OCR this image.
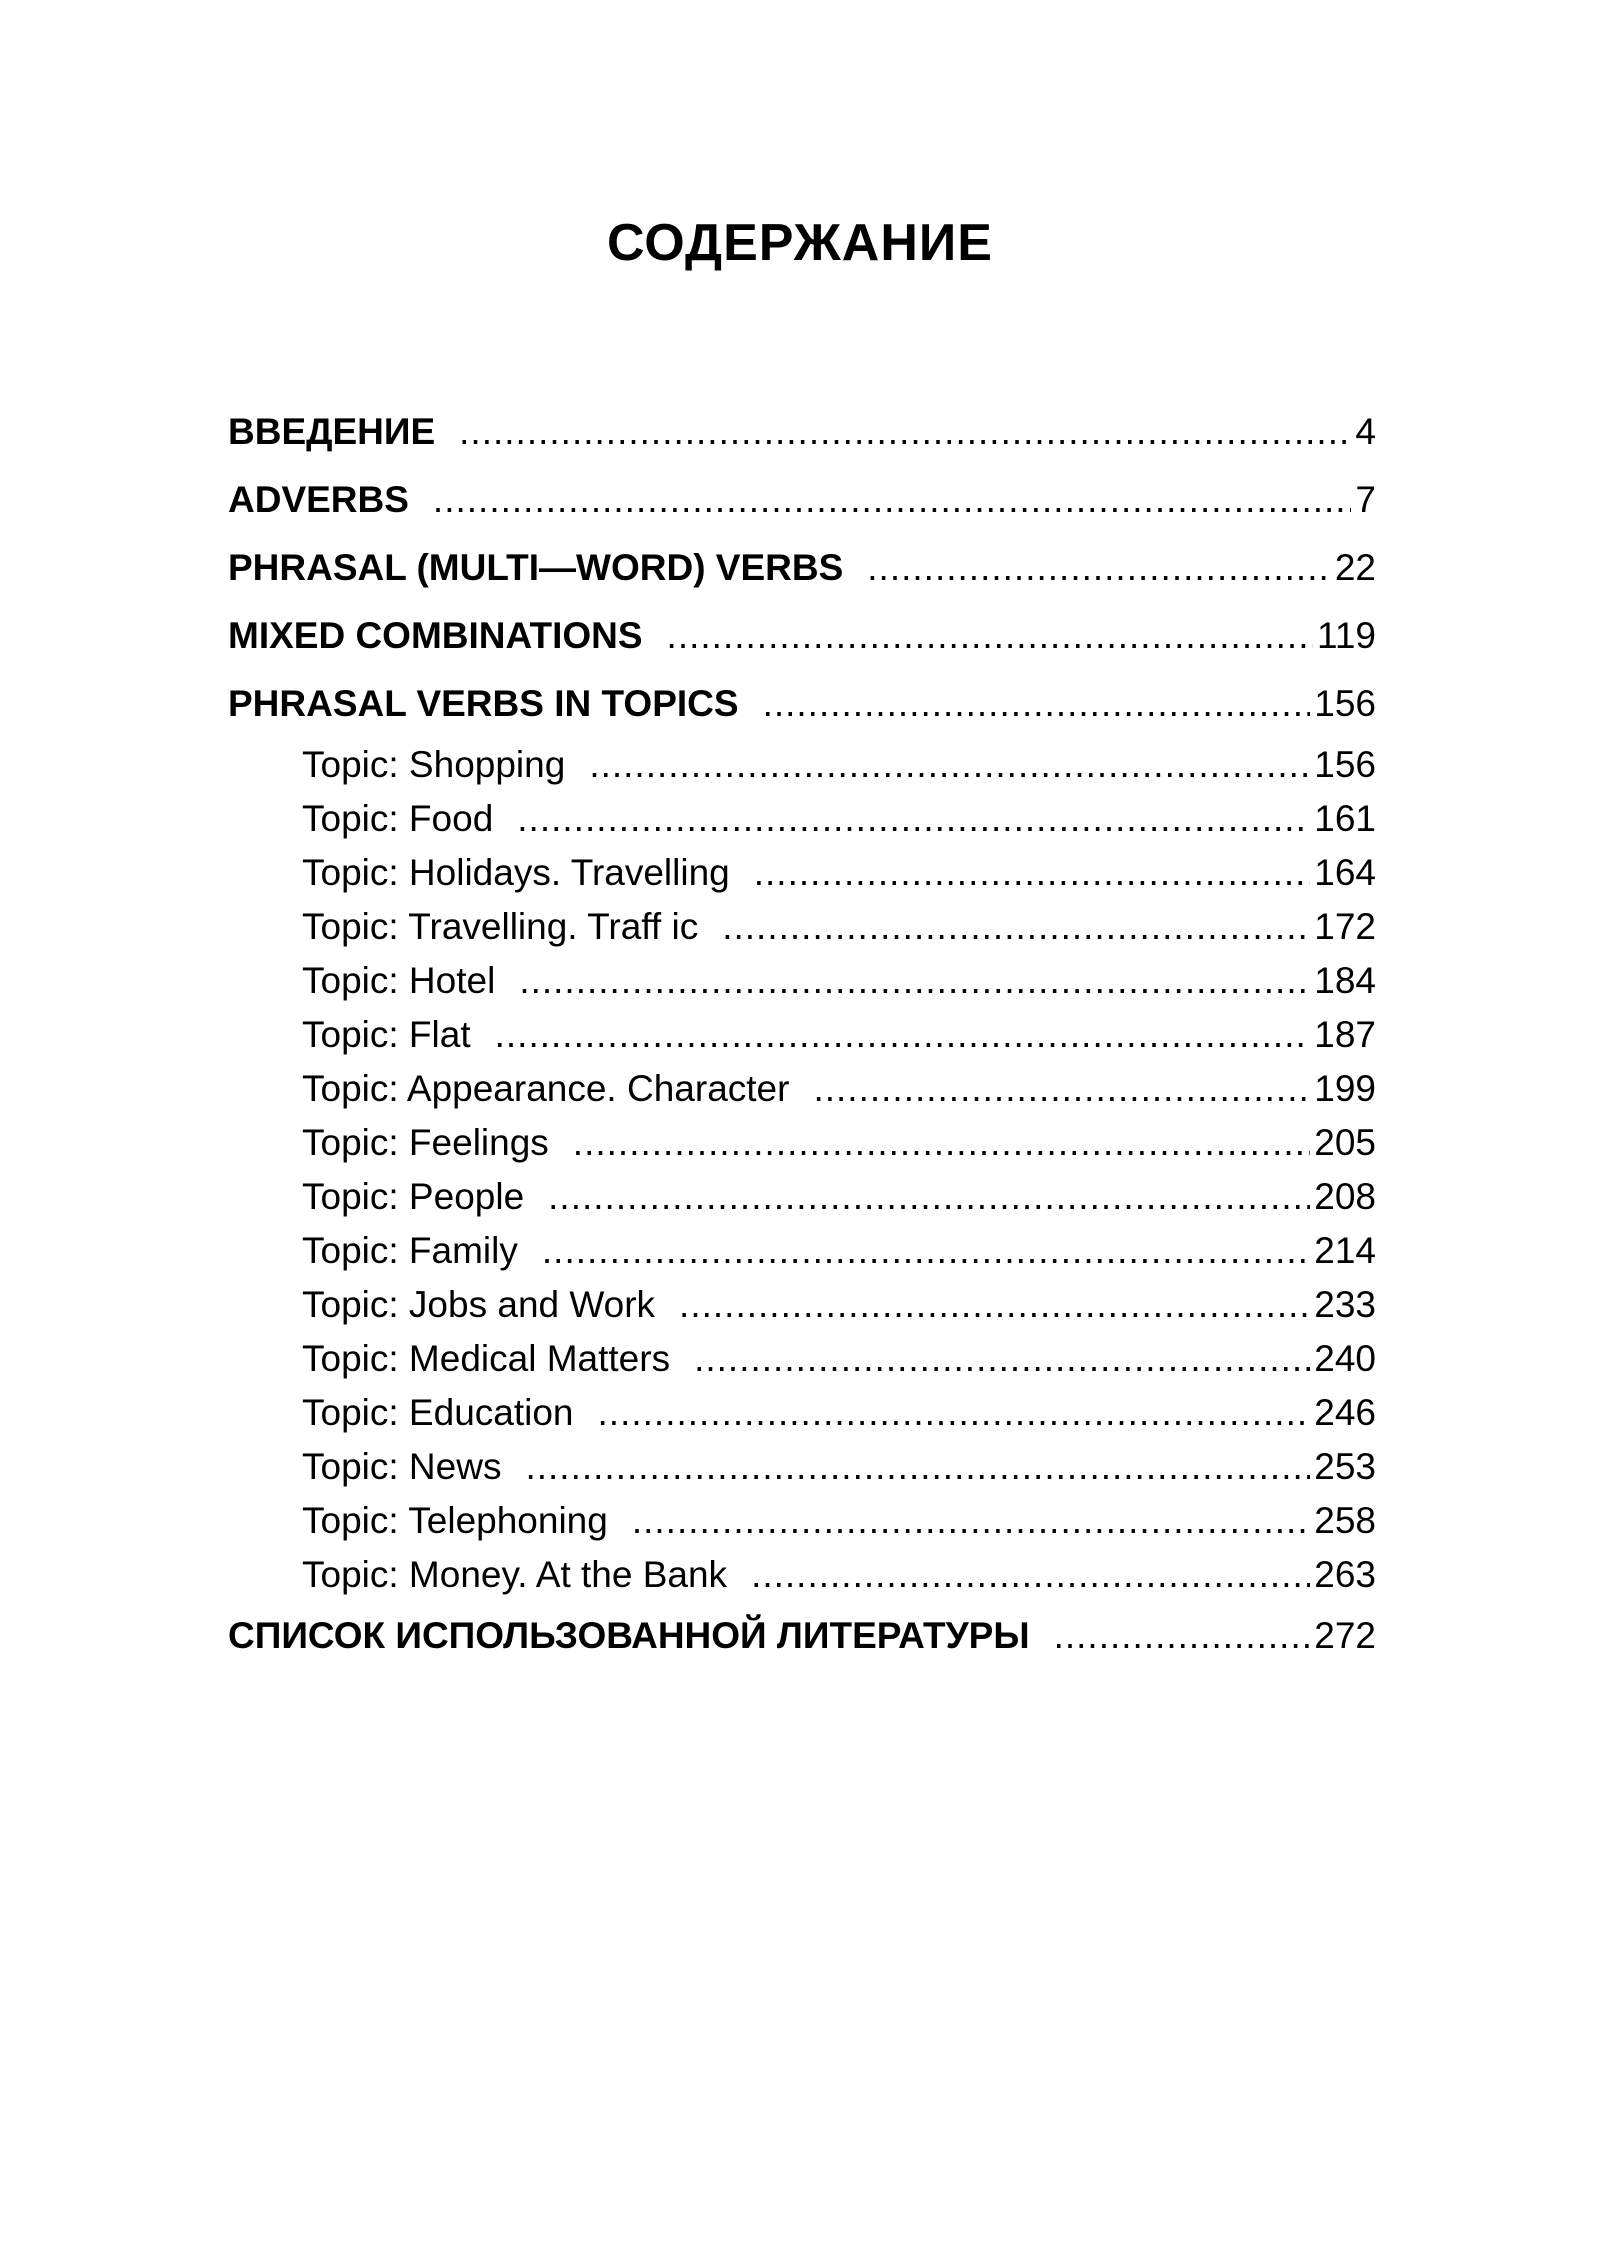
СОДЕРЖАНИЕ
ВВЕДЕНИЕ .....	4
ADVERBS .....	7
PHRASAL (MULTI—WORD) VERBS .....	22
MIXED COMBINATIONS .....	119
PHRASAL VERBS IN TOPICS .....	156
Topic: Shopping .....	156
Topic: Food .....	161
Topic: Holidays. Travelling .....	164
Topic: Travelling. Traff ic .....	172
Topic: Hotel .....	184
Topic: Flat .....	187
Topic: Appearance. Character .....	199
Topic: Feelings .....	205
Topic: People .....	208
Topic: Family .....	214
Topic: Jobs and Work .....	233
Topic: Medical Matters .....	240
Topic: Education .....	246
Topic: News .....	253
Topic: Telephoning .....	258
Topic: Money. At the Bank .....	263
СПИСОК ИСПОЛЬЗОВАННОЙ ЛИТЕРАТУРЫ .....	272
